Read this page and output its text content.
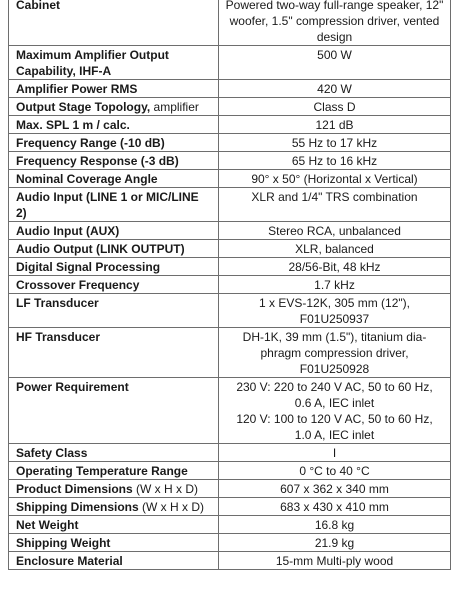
Cabinet	Powered two-way full-range speaker, 12"
woofer, 1.5" compression driver, vented
design

Maximum Amplifier Output Capability, IHF-A	500 W

Amplifier Power RMS	420 W

Output Stage Topology, amplifier	Class D

Max. SPL 1 m / calc.	121 dB

Frequency Range (-10 dB)	55 Hz to 17 kHz

Frequency Response (-3 dB)	65 Hz to 16 kHz

Nominal Coverage Angle	90° x 50° (Horizontal x Vertical)

Audio Input (LINE 1 or MIC/LINE 2)	XLR and 1/4" TRS combination

Audio Input (AUX)	Stereo RCA, unbalanced

Audio Output (LINK OUTPUT)	XLR, balanced

Digital Signal Processing	28/56-Bit, 48 kHz

Crossover Frequency	1.7 kHz

LF Transducer	1 x EVS-12K, 305 mm (12"),
F01U250937

HF Transducer	DH-1K, 39 mm (1.5"), titanium dia-
phragm compression driver,
F01U250928

Power Requirement	230 V: 220 to 240 V AC, 50 to 60 Hz,
0.6 A, IEC inlet
120 V: 100 to 120 V AC, 50 to 60 Hz,
1.0 A, IEC inlet

Safety Class	I

Operating Temperature Range	0 °C to 40 °C

Product Dimensions (W x H x D)	607 x 362 x 340 mm

Shipping Dimensions (W x H x D)	683 x 430 x 410 mm

Net Weight	16.8 kg

Shipping Weight	21.9 kg

Enclosure Material	15-mm Multi-ply wood
